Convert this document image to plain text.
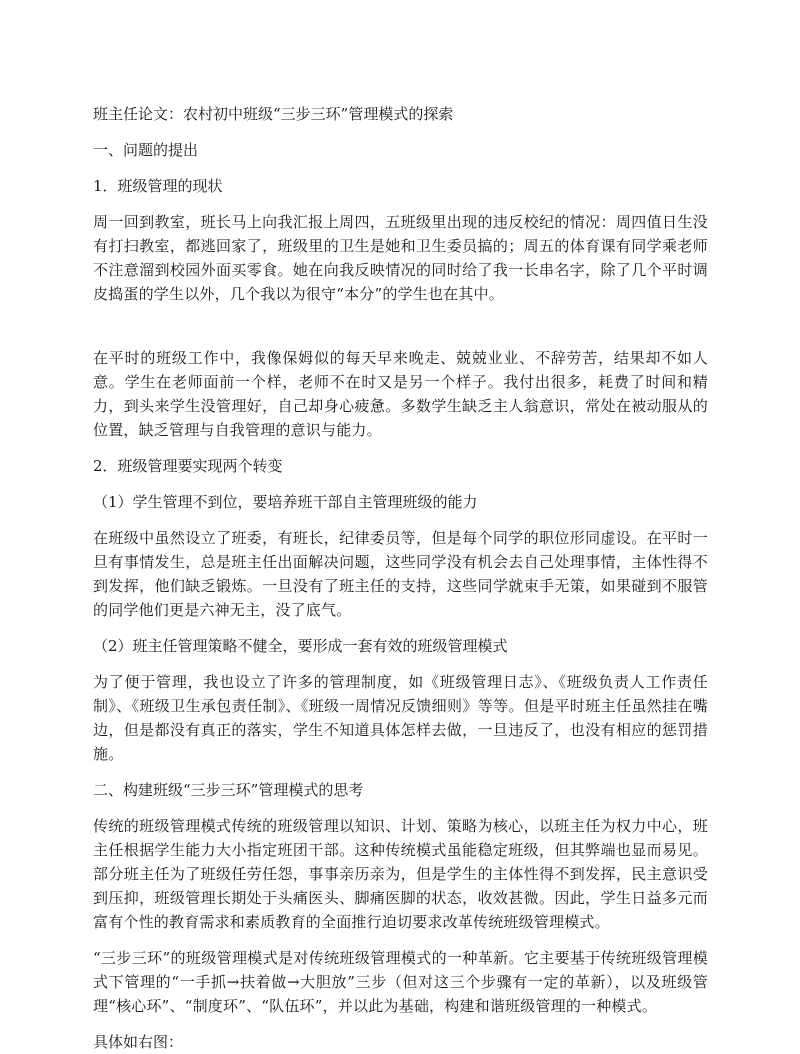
班主任论文：农村初中班级“三步三环”管理模式的探索

一、问题的提出

1．班级管理的现状

周一回到教室，班长马上向我汇报上周四，五班级里出现的违反校纪的情况：周四值日生没有打扫教室，都逃回家了，班级里的卫生是她和卫生委员搞的；周五的体育课有同学乘老师不注意溜到校园外面买零食。她在向我反映情况的同时给了我一长串名字，除了几个平时调皮捣蛋的学生以外，几个我以为很守“本分”的学生也在其中。

在平时的班级工作中，我像保姆似的每天早来晚走、兢兢业业、不辞劳苦，结果却不如人意。学生在老师面前一个样，老师不在时又是另一个样子。我付出很多，耗费了时间和精力，到头来学生没管理好，自己却身心疲惫。多数学生缺乏主人翁意识，常处在被动服从的位置，缺乏管理与自我管理的意识与能力。

2．班级管理要实现两个转变

（1）学生管理不到位，要培养班干部自主管理班级的能力

在班级中虽然设立了班委，有班长，纪律委员等，但是每个同学的职位形同虚设。在平时一旦有事情发生，总是班主任出面解决问题，这些同学没有机会去自己处理事情，主体性得不到发挥，他们缺乏锻炼。一旦没有了班主任的支持，这些同学就束手无策，如果碰到不服管的同学他们更是六神无主，没了底气。

（2）班主任管理策略不健全，要形成一套有效的班级管理模式

为了便于管理，我也设立了许多的管理制度，如《班级管理日志》、《班级负责人工作责任制》、《班级卫生承包责任制》、《班级一周情况反馈细则》等等。但是平时班主任虽然挂在嘴边，但是都没有真正的落实，学生不知道具体怎样去做，一旦违反了，也没有相应的惩罚措施。

二、构建班级“三步三环”管理模式的思考

传统的班级管理模式传统的班级管理以知识、计划、策略为核心，以班主任为权力中心，班主任根据学生能力大小指定班团干部。这种传统模式虽能稳定班级，但其弊端也显而易见。部分班主任为了班级任劳任怨，事事亲历亲为，但是学生的主体性得不到发挥，民主意识受到压抑，班级管理长期处于头痛医头、脚痛医脚的状态，收效甚微。因此，学生日益多元而富有个性的教育需求和素质教育的全面推行迫切要求改革传统班级管理模式。

“三步三环”的班级管理模式是对传统班级管理模式的一种革新。它主要基于传统班级管理模式下管理的“一手抓→扶着做→大胆放”三步（但对这三个步骤有一定的革新），以及班级管理“核心环”、“制度环”、“队伍环”，并以此为基础，构建和谐班级管理的一种模式。

具体如右图：
